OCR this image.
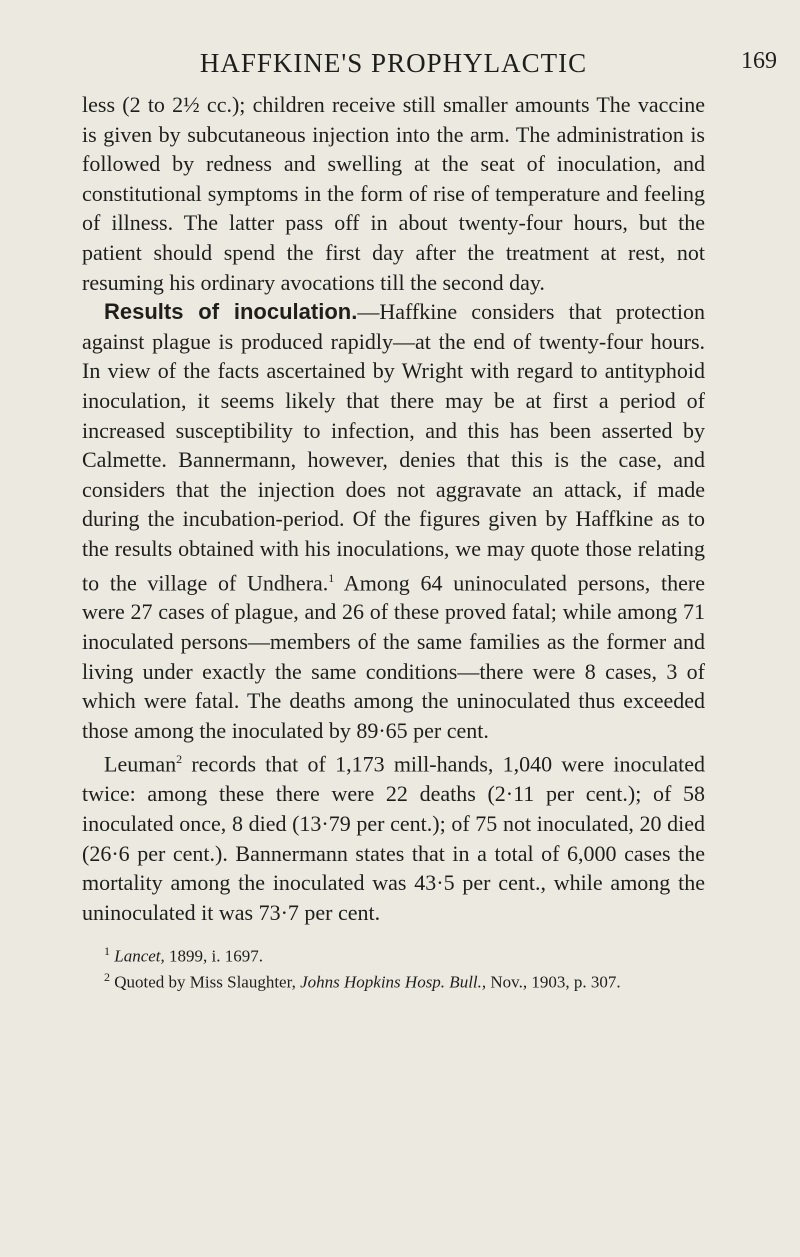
HAFFKINE'S PROPHYLACTIC	169

less (2 to 2½ cc.); children receive still smaller amounts The vaccine is given by subcutaneous injection into the arm. The administration is followed by redness and swelling at the seat of inoculation, and constitutional symptoms in the form of rise of temperature and feeling of illness. The latter pass off in about twenty-four hours, but the patient should spend the first day after the treatment at rest, not resuming his ordinary avocations till the second day.

Results of inoculation.—Haffkine considers that protection against plague is produced rapidly—at the end of twenty-four hours. In view of the facts ascertained by Wright with regard to antityphoid inoculation, it seems likely that there may be at first a period of increased susceptibility to infection, and this has been asserted by Calmette. Bannermann, however, denies that this is the case, and considers that the injection does not aggravate an attack, if made during the incubation-period. Of the figures given by Haffkine as to the results obtained with his inoculations, we may quote those relating to the village of Undhera.$^1$ Among 64 uninoculated persons, there were 27 cases of plague, and 26 of these proved fatal; while among 71 inoculated persons—members of the same families as the former and living under exactly the same conditions—there were 8 cases, 3 of which were fatal. The deaths among the uninoculated thus exceeded those among the inoculated by 89·65 per cent.

Leuman$^2$ records that of 1,173 mill-hands, 1,040 were inoculated twice: among these there were 22 deaths (2·11 per cent.); of 58 inoculated once, 8 died (13·79 per cent.); of 75 not inoculated, 20 died (26·6 per cent.). Bannermann states that in a total of 6,000 cases the mortality among the inoculated was 43·5 per cent., while among the uninoculated it was 73·7 per cent.

$^1$ Lancet, 1899, i. 1697.

$^2$ Quoted by Miss Slaughter, Johns Hopkins Hosp. Bull., Nov., 1903, p. 307.
